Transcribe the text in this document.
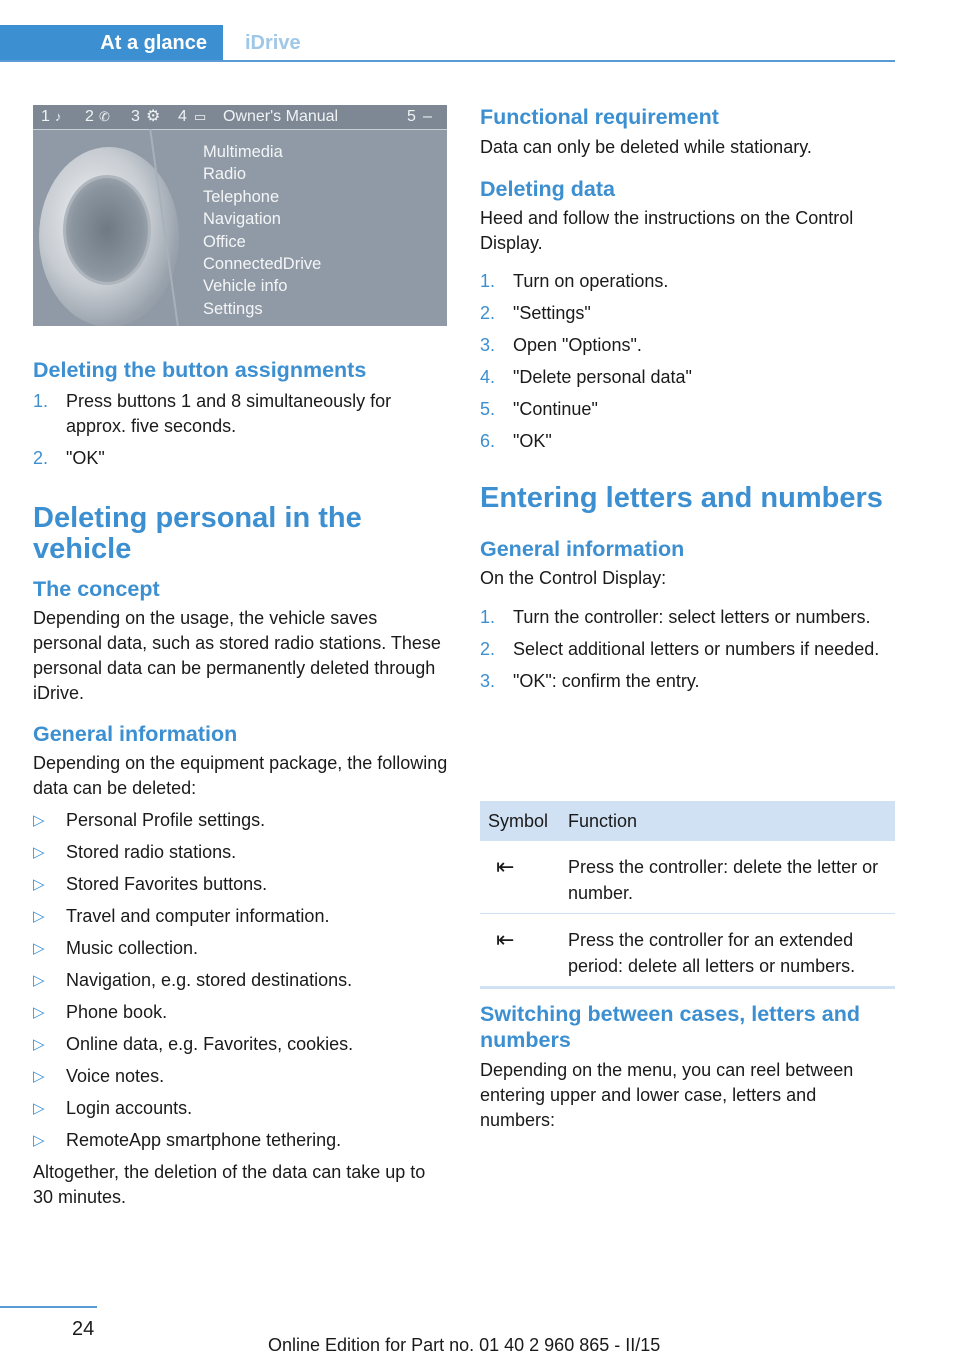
At a glance iDrive
1 ♪ 2 ✆ 3 ⚙ 4 ▭ Owner's Manual	5 –
Multimedia
Radio
Telephone
Navigation
Office
ConnectedDrive
Vehicle info
Settings
Deleting the button assignments
1. Press buttons 1 and 8 simultaneously for approx. five seconds.
2. "OK"
Deleting personal in the vehicle
The concept

Depending on the usage, the vehicle saves personal data, such as stored radio stations. These personal data can be permanently deleted through iDrive.

General information

Depending on the equipment package, the following data can be deleted:

▷ Personal Profile settings.
▷ Stored radio stations.
▷ Stored Favorites buttons.
▷ Travel and computer information.
▷ Music collection.
▷ Navigation, e.g. stored destinations.
▷ Phone book.
▷ Online data, e.g. Favorites, cookies.
▷ Voice notes.
▷ Login accounts.
▷ RemoteApp smartphone tethering.

Altogether, the deletion of the data can take up to 30 minutes.

Functional requirement

Data can only be deleted while stationary.

Deleting data

Heed and follow the instructions on the Control Display.

1. Turn on operations.
2. "Settings"
3. Open "Options".
4. "Delete personal data"
5. "Continue"
6. "OK"
Entering letters and numbers
General information

On the Control Display:

1. Turn the controller: select letters or numbers.
2. Select additional letters or numbers if needed.
3. "OK": confirm the entry.
Symbol	Function
⇤	Press the controller: delete the letter or number.
⇤	Press the controller for an extended period: delete all letters or numbers.
Switching between cases, letters and numbers

Depending on the menu, you can reel between entering upper and lower case, letters and numbers:

24
Online Edition for Part no. 01 40 2 960 865 - II/15
